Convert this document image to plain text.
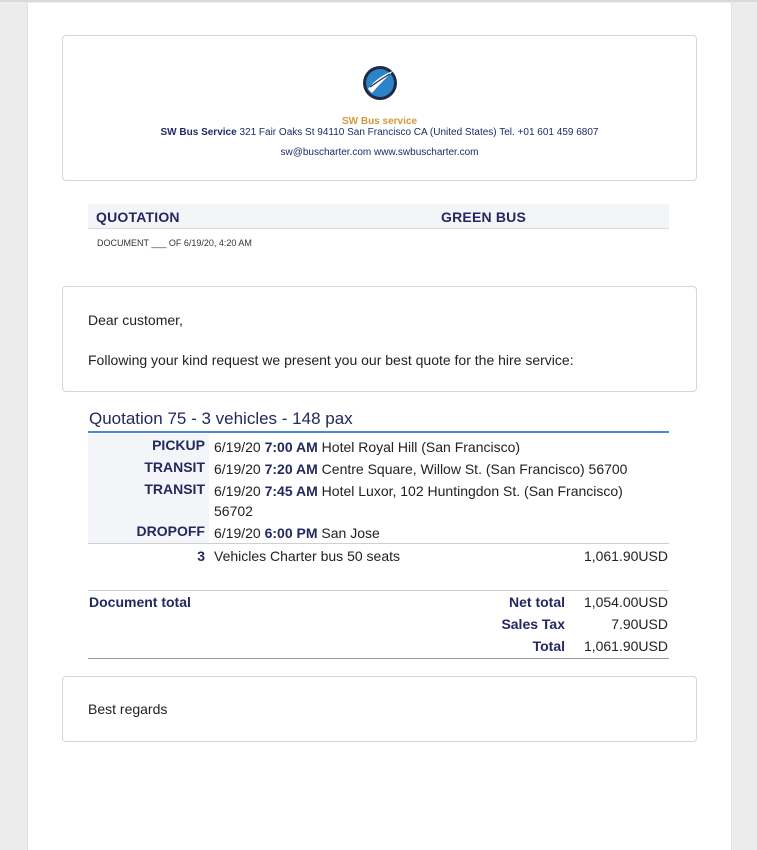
SW Bus service
SW Bus Service 321 Fair Oaks St 94110 San Francisco CA (United States) Tel. +01 601 459 6807
sw@buscharter.com www.swbuscharter.com
QUOTATION	GREEN BUS
DOCUMENT ___ OF 6/19/20, 4:20 AM

Dear customer,

Following your kind request we present you our best quote for the hire service:

Quotation 75 - 3 vehicles - 148 pax
PICKUP 6/19/20 7:00 AM Hotel Royal Hill (San Francisco)
TRANSIT 6/19/20 7:20 AM Centre Square, Willow St. (San Francisco) 56700
TRANSIT 6/19/20 7:45 AM Hotel Luxor, 102 Huntingdon St. (San Francisco) 56702
DROPOFF 6/19/20 6:00 PM San Jose
3 Vehicles Charter bus 50 seats	1,061.90USD
Document total	Net total 1,054.00USD
Sales Tax	7.90USD
Total 1,061.90USD

Best regards
